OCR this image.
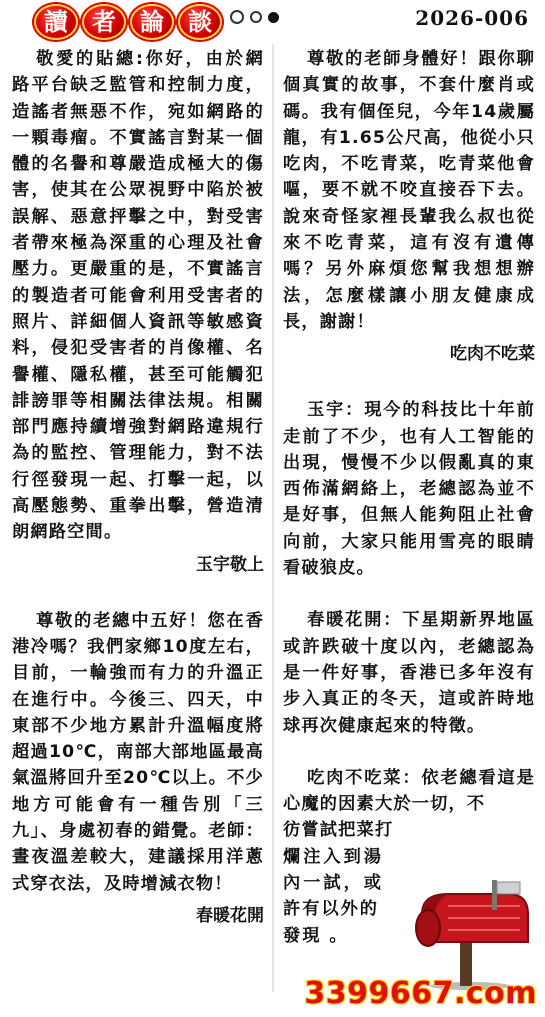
讀	者	論	談	2026-006

敬愛的貼總:你好，由於網路平台缺乏監管和控制力度，造謠者無惡不作，宛如網路的一顆毒瘤。不實謠言對某一個體的名譽和尊嚴造成極大的傷害，使其在公眾視野中陷於被誤解、惡意抨擊之中，對受害者帶來極為深重的心理及社會壓力。更嚴重的是，不實謠言的製造者可能會利用受害者的照片、詳細個人資訊等敏感資料，侵犯受害者的肖像權、名譽權、隱私權，甚至可能觸犯誹謗罪等相關法律法規。相關部門應持續增強對網路違規行為的監控、管理能力，對不法行徑發現一起、打擊一起，以高壓態勢、重拳出擊，營造清朗網路空間。

玉宇敬上

尊敬的老總中五好！您在香港冷嗎？我們家鄉10度左右，目前，一輪強而有力的升溫正在進行中。今後三、四天，中東部不少地方累計升溫幅度將超過10℃，南部大部地區最高氣溫將回升至20℃以上。不少地方可能會有一種告別「三九」、身處初春的錯覺。老師：晝夜溫差較大，建議採用洋蔥式穿衣法，及時增減衣物！

春暖花開

尊敬的老師身體好！跟你聊個真實的故事，不套什麼肖或碼。我有個侄兒，今年14歲屬龍，有1.65公尺高，他從小只吃肉，不吃青菜，吃青菜他會嘔，要不就不咬直接吞下去。說來奇怪家裡長輩我么叔也從來不吃青菜，這有沒有遺傳嗎？另外麻煩您幫我想想辦法，怎麼樣讓小朋友健康成長，謝謝！

吃肉不吃菜

玉宇：現今的科技比十年前走前了不少，也有人工智能的出現，慢慢不少以假亂真的東西佈滿網絡上，老總認為並不是好事，但無人能夠阻止社會向前，大家只能用雪亮的眼睛看破狼皮。

春暖花開：下星期新界地區或許跌破十度以內，老總認為是一件好事，香港已多年沒有步入真正的冬天，這或許時地球再次健康起來的特徵。

吃肉不吃菜：依老總看這是心魔的因素大於一切，不

彷嘗試把菜打
爛注入到湯
內一試，或
許有以外的
發現 。
3399667.com
